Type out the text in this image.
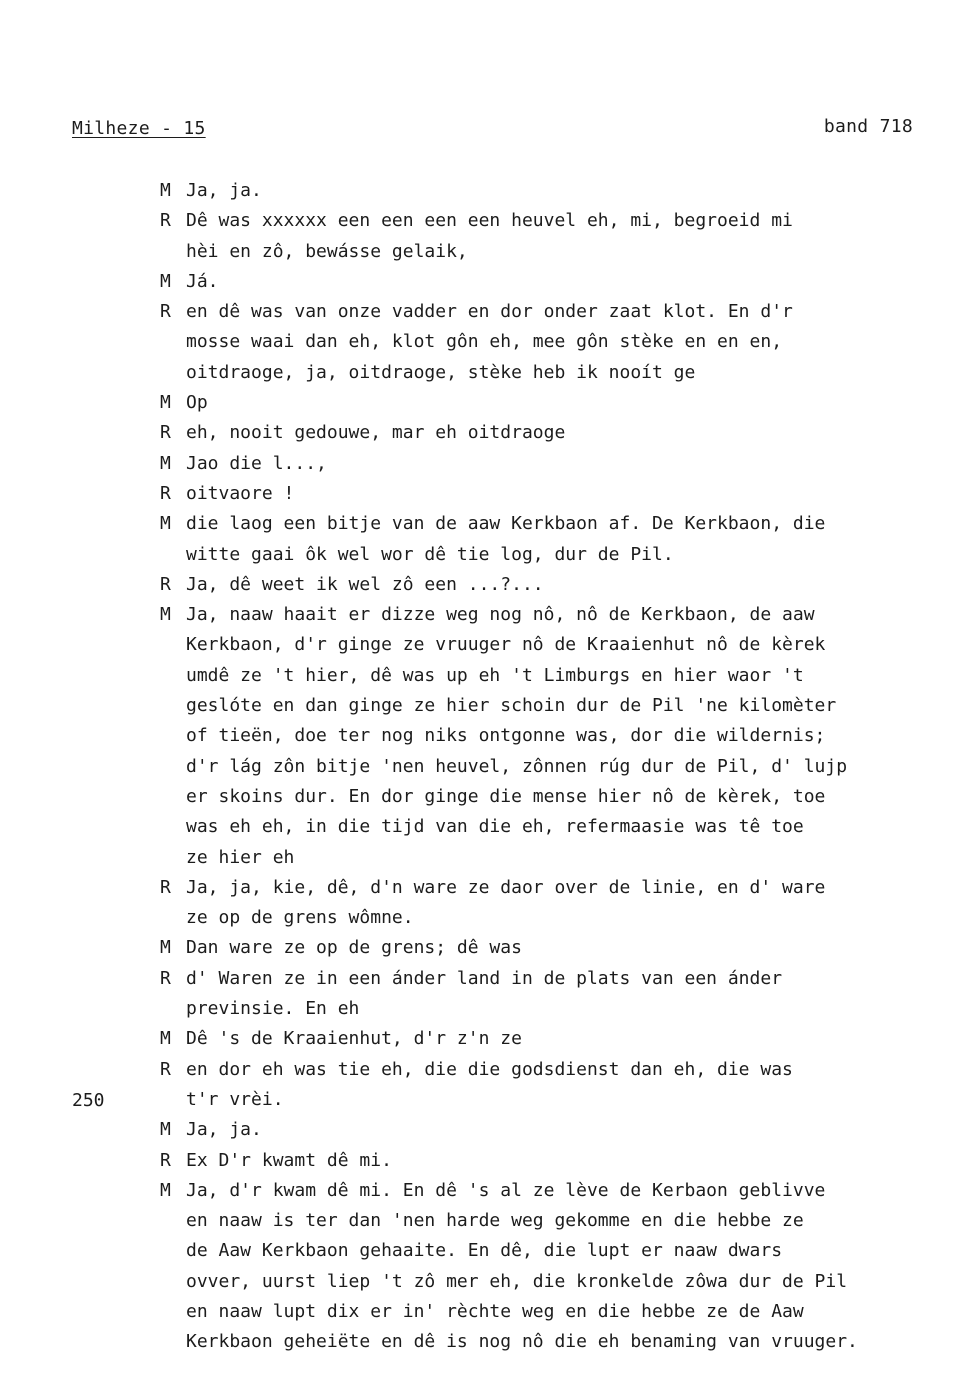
Milheze - 15	band 718
250
M Ja, ja.
R Dê was xxxxxx een een een een heuvel eh, mi, begroeid mi
hèi en zô, bewásse gelaik,
M Já.
R en dê was van onze vadder en dor onder zaat klot. En d'r
mosse waai dan eh, klot gôn eh, mee gôn stèke en en en,
oitdraoge, ja, oitdraoge, stèke heb ik nooít ge
M Op
R eh, nooit gedouwe, mar eh oitdraoge
M Jao die l...,
R oitvaore !
M die laog een bitje van de aaw Kerkbaon af. De Kerkbaon, die
witte gaai ôk wel wor dê tie log, dur de Pil.
R Ja, dê weet ik wel zô een ...?...
M Ja, naaw haait er dizze weg nog nô, nô de Kerkbaon, de aaw
Kerkbaon, d'r ginge ze vruuger nô de Kraaienhut nô de kèrek
umdê ze 't hier, dê was up eh 't Limburgs en hier waor 't
geslóte en dan ginge ze hier schoin dur de Pil 'ne kilomèter
of tieën, doe ter nog niks ontgonne was, dor die wildernis;
d'r lág zôn bitje 'nen heuvel, zônnen rúg dur de Pil, d' lujp
er skoins dur. En dor ginge die mense hier nô de kèrek, toe
was eh eh, in die tijd van die eh, refermaasie was tê toe
ze hier eh
R Ja, ja, kie, dê, d'n ware ze daor over de linie, en d' ware
ze op de grens wômne.
M Dan ware ze op de grens; dê was
R d' Waren ze in een ánder land in de plats van een ánder
previnsie. En eh
M Dê 's de Kraaienhut, d'r z'n ze
R en dor eh was tie eh, die die godsdienst dan eh, die was
t'r vrèi.
M Ja, ja.
R Ex D'r kwamt dê mi.
M Ja, d'r kwam dê mi. En dê 's al ze lève de Kerbaon geblivve
en naaw is ter dan 'nen harde weg gekomme en die hebbe ze
de Aaw Kerkbaon gehaaite. En dê, die lupt er naaw dwars
ovver, uurst liep 't zô mer eh, die kronkelde zôwa dur de Pil
en naaw lupt dix er in' rèchte weg en die hebbe ze de Aaw
Kerkbaon geheiëte en dê is nog nô die eh benaming van vruuger.
